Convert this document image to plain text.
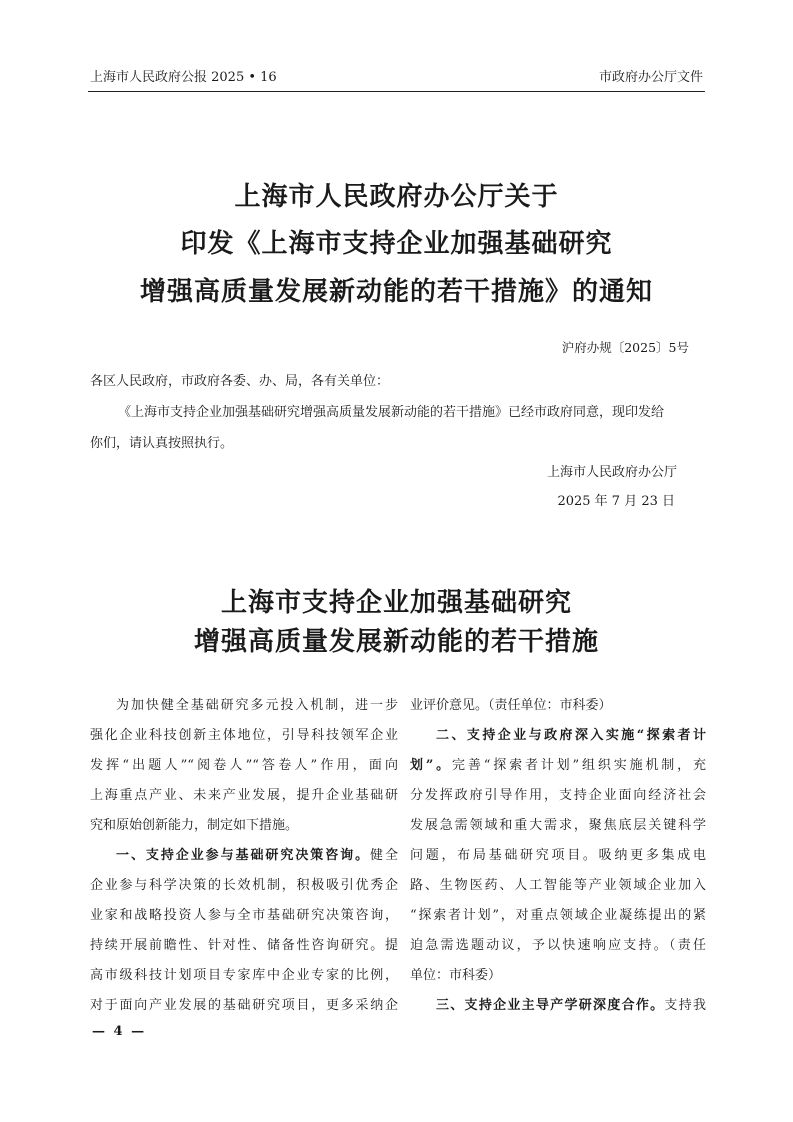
上海市人民政府公报 2025 • 16	市政府办公厅文件
上海市人民政府办公厅关于
印发《上海市支持企业加强基础研究
增强高质量发展新动能的若干措施》的通知
沪府办规〔2025〕5号
各区人民政府，市政府各委、办、局，各有关单位：
《上海市支持企业加强基础研究增强高质量发展新动能的若干措施》已经市政府同意，现印发给
你们，请认真按照执行。
上海市人民政府办公厅
2025 年 7 月 23 日
上海市支持企业加强基础研究
增强高质量发展新动能的若干措施
为加快健全基础研究多元投入机制，进一步
强化企业科技创新主体地位，引导科技领军企业
发挥“出题人”“阅卷人”“答卷人”作用，面向
上海重点产业、未来产业发展，提升企业基础研
究和原始创新能力，制定如下措施。
一、支持企业参与基础研究决策咨询。健全
企业参与科学决策的长效机制，积极吸引优秀企
业家和战略投资人参与全市基础研究决策咨询，
持续开展前瞻性、针对性、储备性咨询研究。提
高市级科技计划项目专家库中企业专家的比例，
对于面向产业发展的基础研究项目，更多采纳企
业评价意见。（责任单位：市科委）
二、支持企业与政府深入实施“探索者计
划”。完善“探索者计划”组织实施机制，充
分发挥政府引导作用，支持企业面向经济社会
发展急需领域和重大需求，聚焦底层关键科学
问题，布局基础研究项目。吸纳更多集成电
路、生物医药、人工智能等产业领域企业加入
“探索者计划”，对重点领域企业凝练提出的紧
迫急需选题动议，予以快速响应支持。（责任
单位：市科委）
三、支持企业主导产学研深度合作。支持我
— 4 —
